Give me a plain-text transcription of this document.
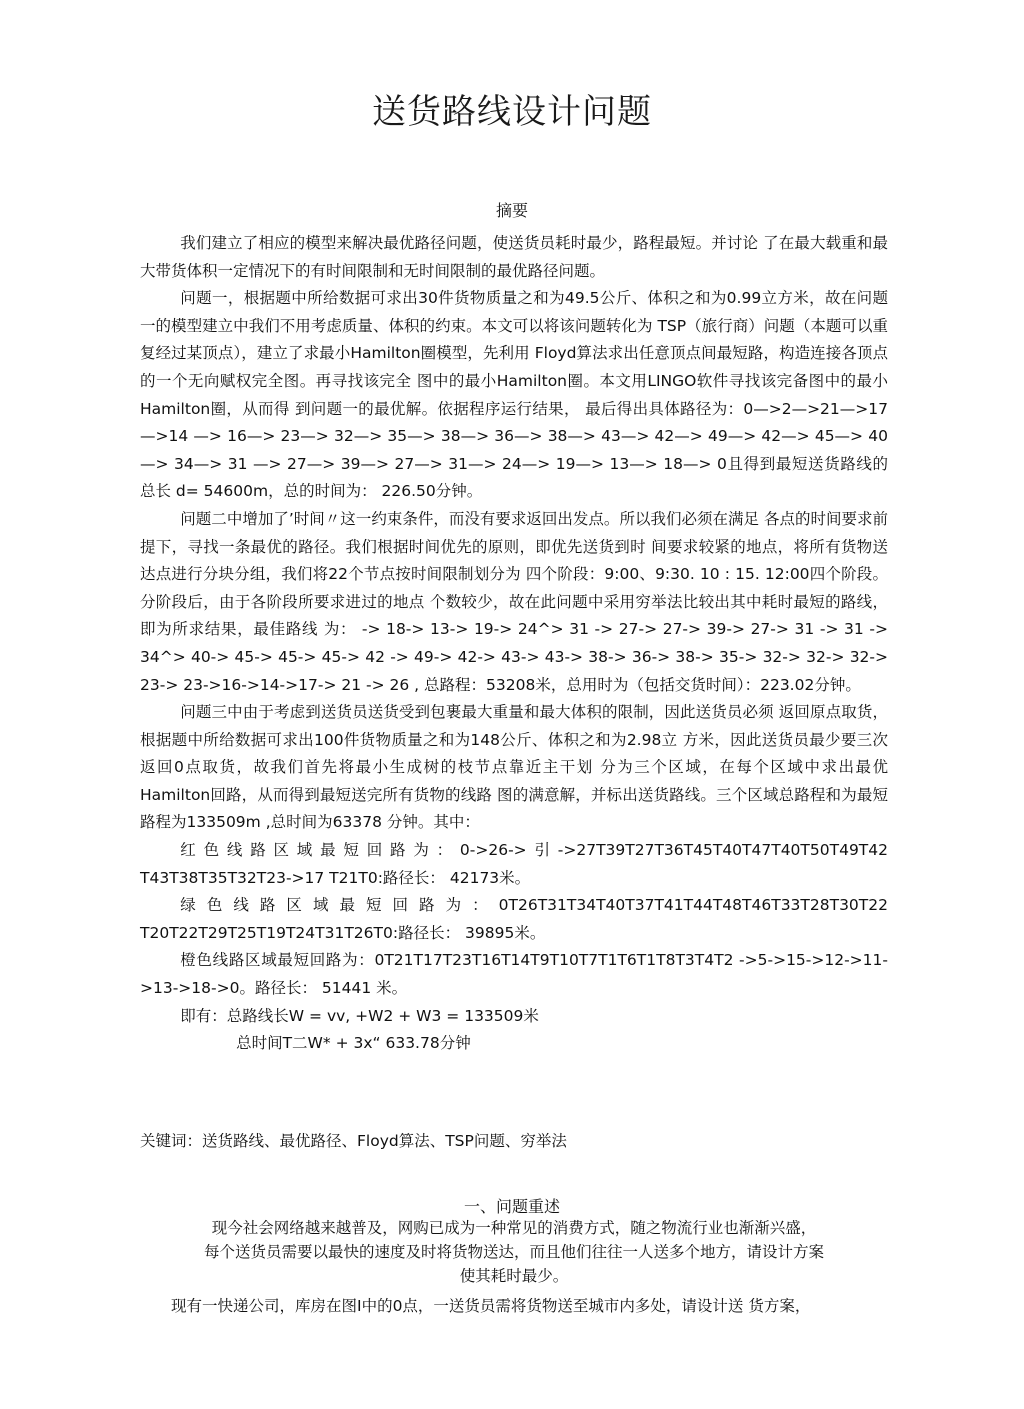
送货路线设计问题
摘要

我们建立了相应的模型来解决最优路径问题，使送货员耗时最少，路程最短。并讨论 了在最大载重和最大带货体积一定情况下的有时间限制和无时间限制的最优路径问题。

问题一，根据题中所给数据可求出30件货物质量之和为49.5公斤、体积之和为0.99立方米，故在问题一的模型建立中我们不用考虑质量、体积的约束。本文可以将该问题转化为 TSP（旅行商）问题（本题可以重复经过某顶点），建立了求最小Hamilton圈模型，先利用 Floyd算法求出任意顶点间最短路，构造连接各顶点的一个无向赋权完全图。再寻找该完全 图中的最小Hamilton圈。本文用LINGO软件寻找该完备图中的最小Hamilton圈，从而得 到问题一的最优解。依据程序运行结果， 最后得出具体路径为：0—>2—>21—>17—>14 —> 16—> 23—> 32—> 35—> 38—> 36—> 38—> 43—> 42—> 49—> 42—> 45—> 40—> 34—> 31 —> 27—> 39—> 27—> 31—> 24—> 19—> 13—> 18—> 0且得到最短送货路线的总长 d= 54600m，总的时间为： 226.50分钟。

问题二中增加了’时间〃这一约束条件，而没有要求返回出发点。所以我们必须在满足 各点的时间要求前提下，寻找一条最优的路径。我们根据时间优先的原则，即优先送货到时 间要求较紧的地点，将所有货物送达点进行分块分组，我们将22个节点按时间限制划分为 四个阶段：9:00、9:30. 10 : 15. 12:00四个阶段。分阶段后，由于各阶段所要求进过的地点 个数较少，故在此问题中采用穷举法比较出其中耗时最短的路线，即为所求结果，最佳路线 为： -> 18-> 13-> 19-> 24^> 31 -> 27-> 27-> 39-> 27-> 31 -> 31 -> 34^> 40-> 45-> 45-> 45-> 42 -> 49-> 42-> 43-> 43-> 38-> 36-> 38-> 35-> 32-> 32-> 32-> 23-> 23->16->14->17-> 21 -> 26 , 总路程：53208米，总用时为（包括交货时间）：223.02分钟。

问题三中由于考虑到送货员送货受到包裹最大重量和最大体积的限制，因此送货员必须 返回原点取货，根据题中所给数据可求出100件货物质量之和为148公斤、体积之和为2.98立 方米，因此送货员最少要三次返回0点取货，故我们首先将最小生成树的枝节点靠近主干划 分为三个区域，在每个区域中求出最优Hamilton回路，从而得到最短送完所有货物的线路 图的满意解，并标出送货路线。三个区域总路程和为最短路程为133509m ,总时间为63378 分钟。其中：

红色线路区域最短回路为：0->26->引->27T39T27T36T45T40T47T40T50T49T42 T43T38T35T32T23->17 T21T0:路径长： 42173米。

绿色线路区域最短回路为：0T26T31T34T40T37T41T44T48T46T33T28T30T22 T20T22T29T25T19T24T31T26T0:路径长： 39895米。

橙色线路区域最短回路为：0T21T17T23T16T14T9T10T7T1T6T1T8T3T4T2 ->5->15->12->11->13->18->0。路径长： 51441 米。

即有：总路线长W = vv, +W2 + W3 = 133509米

总时间T二W* + 3x“ 633.78分钟

关键词：送货路线、最优路径、Floyd算法、TSP问题、穷举法
一、问题重述

现今社会网络越来越普及，网购已成为一种常见的消费方式，随之物流行业也渐渐兴盛，

每个送货员需要以最快的速度及时将货物送达，而且他们往往一人送多个地方，请设计方案

使其耗时最少。

现有一快递公司，库房在图I中的0点，一送货员需将货物送至城市内多处，请设计送 货方案，
